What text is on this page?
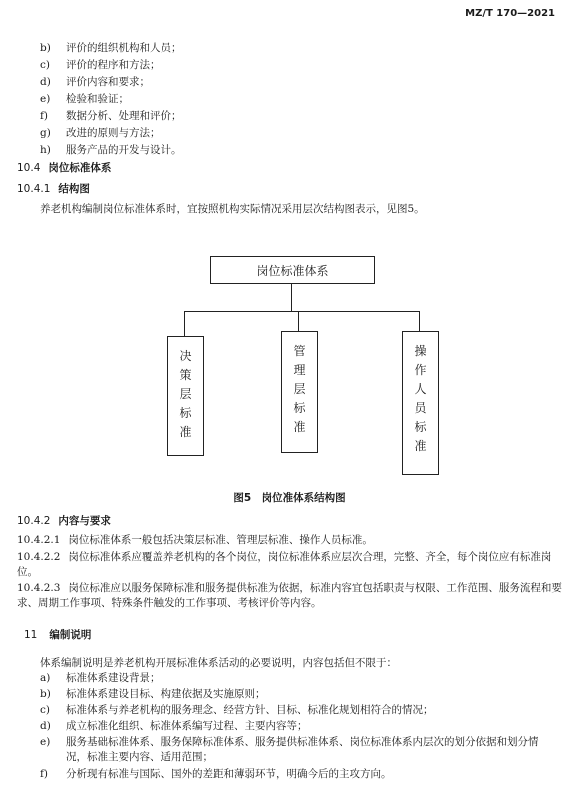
MZ/T 170—2021
b) 评价的组织机构和人员；
c) 评价的程序和方法；
d) 评价内容和要求；
e) 检验和验证；
f) 数据分析、处理和评价；
g) 改进的原则与方法；
h) 服务产品的开发与设计。
10.4 岗位标准体系
10.4.1 结构图
养老机构编制岗位标准体系时，宜按照机构实际情况采用层次结构图表示，见图5。
岗位标准体系
决
策
层
标
准
管
理
层
标
准
操
作
人
员
标
准
图5　岗位准体系结构图
10.4.2 内容与要求
10.4.2.1 岗位标准体系一般包括决策层标准、管理层标准、操作人员标准。
10.4.2.2 岗位标准体系应覆盖养老机构的各个岗位，岗位标准体系应层次合理，完整、齐全，每个岗位应有标准岗位。
10.4.2.3 岗位标准应以服务保障标准和服务提供标准为依据，标准内容宜包括职责与权限、工作范围、服务流程和要求、周期工作事项、特殊条件触发的工作事项、考核评价等内容。
11 编制说明
体系编制说明是养老机构开展标准体系活动的必要说明，内容包括但不限于：
a) 标准体系建设背景；
b) 标准体系建设目标、构建依据及实施原则；
c) 标准体系与养老机构的服务理念、经营方针、目标、标准化规划相符合的情况；
d) 成立标准化组织、标准体系编写过程、主要内容等；
e) 服务基础标准体系、服务保障标准体系、服务提供标准体系、岗位标准体系内层次的划分依据和划分情况，标准主要内容、适用范围；
f) 分析现有标准与国际、国外的差距和薄弱环节，明确今后的主攻方向。
